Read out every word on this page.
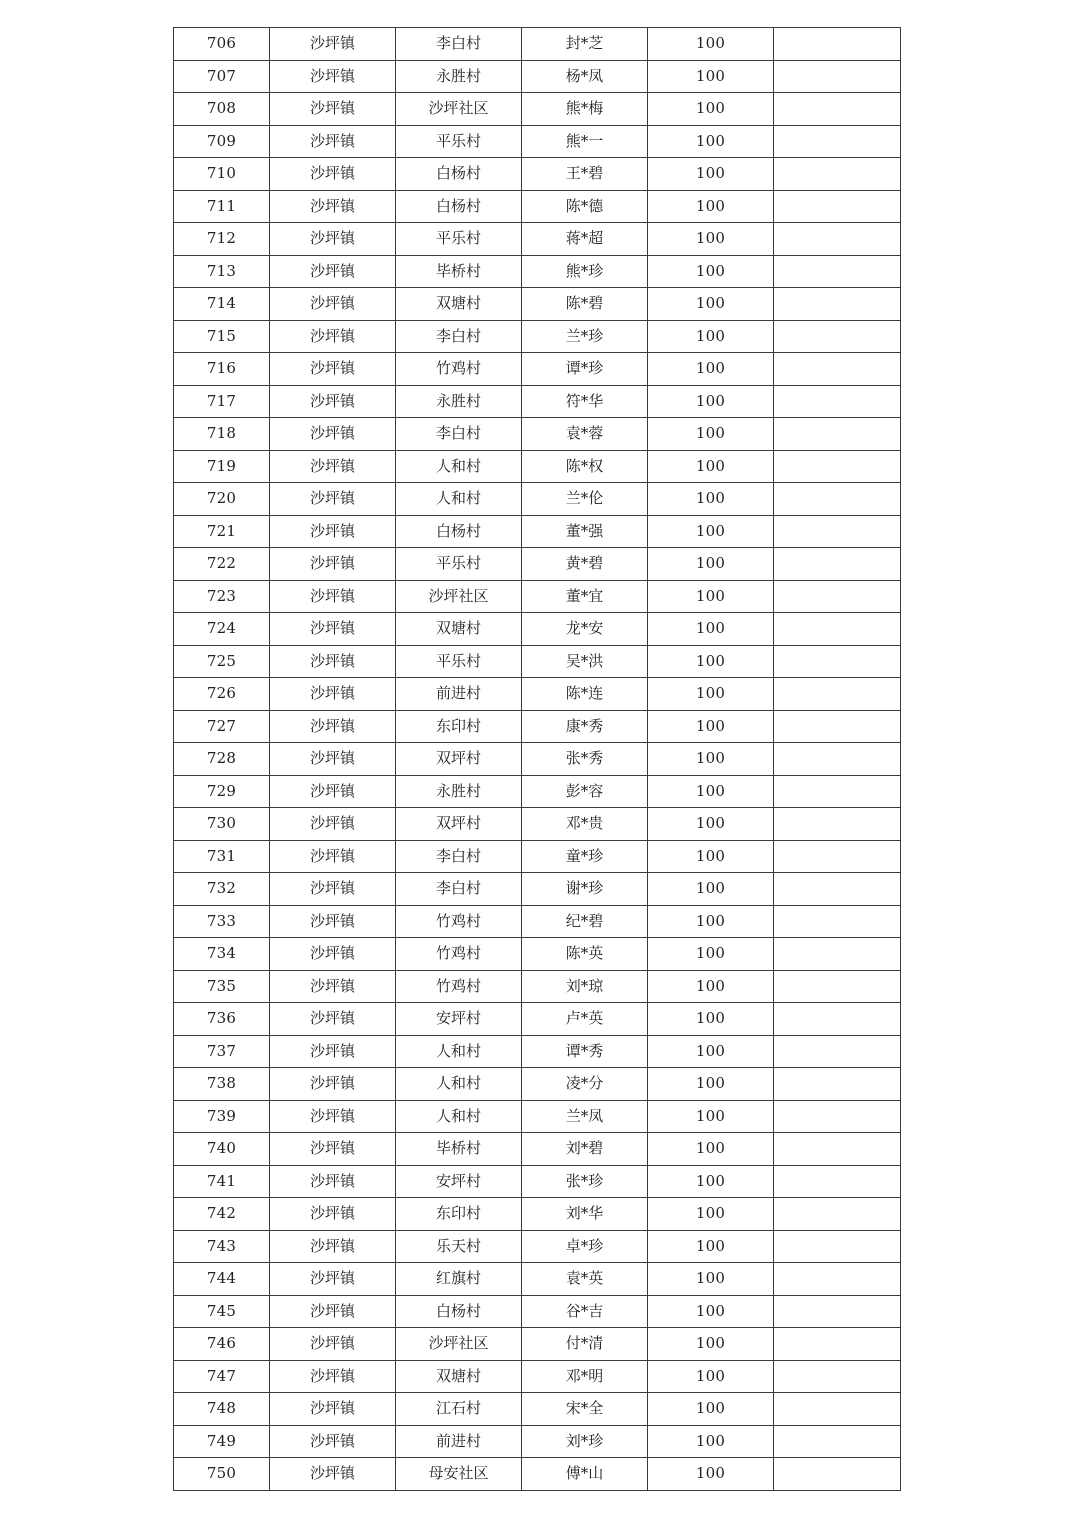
706	沙坪镇	李白村	封*芝	100	
707	沙坪镇	永胜村	杨*凤	100	
708	沙坪镇	沙坪社区	熊*梅	100	
709	沙坪镇	平乐村	熊*一	100	
710	沙坪镇	白杨村	王*碧	100	
711	沙坪镇	白杨村	陈*德	100	
712	沙坪镇	平乐村	蒋*超	100	
713	沙坪镇	毕桥村	熊*珍	100	
714	沙坪镇	双塘村	陈*碧	100	
715	沙坪镇	李白村	兰*珍	100	
716	沙坪镇	竹鸡村	谭*珍	100	
717	沙坪镇	永胜村	符*华	100	
718	沙坪镇	李白村	袁*蓉	100	
719	沙坪镇	人和村	陈*权	100	
720	沙坪镇	人和村	兰*伦	100	
721	沙坪镇	白杨村	董*强	100	
722	沙坪镇	平乐村	黄*碧	100	
723	沙坪镇	沙坪社区	董*宜	100	
724	沙坪镇	双塘村	龙*安	100	
725	沙坪镇	平乐村	吴*洪	100	
726	沙坪镇	前进村	陈*连	100	
727	沙坪镇	东印村	康*秀	100	
728	沙坪镇	双坪村	张*秀	100	
729	沙坪镇	永胜村	彭*容	100	
730	沙坪镇	双坪村	邓*贵	100	
731	沙坪镇	李白村	童*珍	100	
732	沙坪镇	李白村	谢*珍	100	
733	沙坪镇	竹鸡村	纪*碧	100	
734	沙坪镇	竹鸡村	陈*英	100	
735	沙坪镇	竹鸡村	刘*琼	100	
736	沙坪镇	安坪村	卢*英	100	
737	沙坪镇	人和村	谭*秀	100	
738	沙坪镇	人和村	凌*分	100	
739	沙坪镇	人和村	兰*凤	100	
740	沙坪镇	毕桥村	刘*碧	100	
741	沙坪镇	安坪村	张*珍	100	
742	沙坪镇	东印村	刘*华	100	
743	沙坪镇	乐天村	卓*珍	100	
744	沙坪镇	红旗村	袁*英	100	
745	沙坪镇	白杨村	谷*吉	100	
746	沙坪镇	沙坪社区	付*清	100	
747	沙坪镇	双塘村	邓*明	100	
748	沙坪镇	江石村	宋*全	100	
749	沙坪镇	前进村	刘*珍	100	
750	沙坪镇	母安社区	傅*山	100	
